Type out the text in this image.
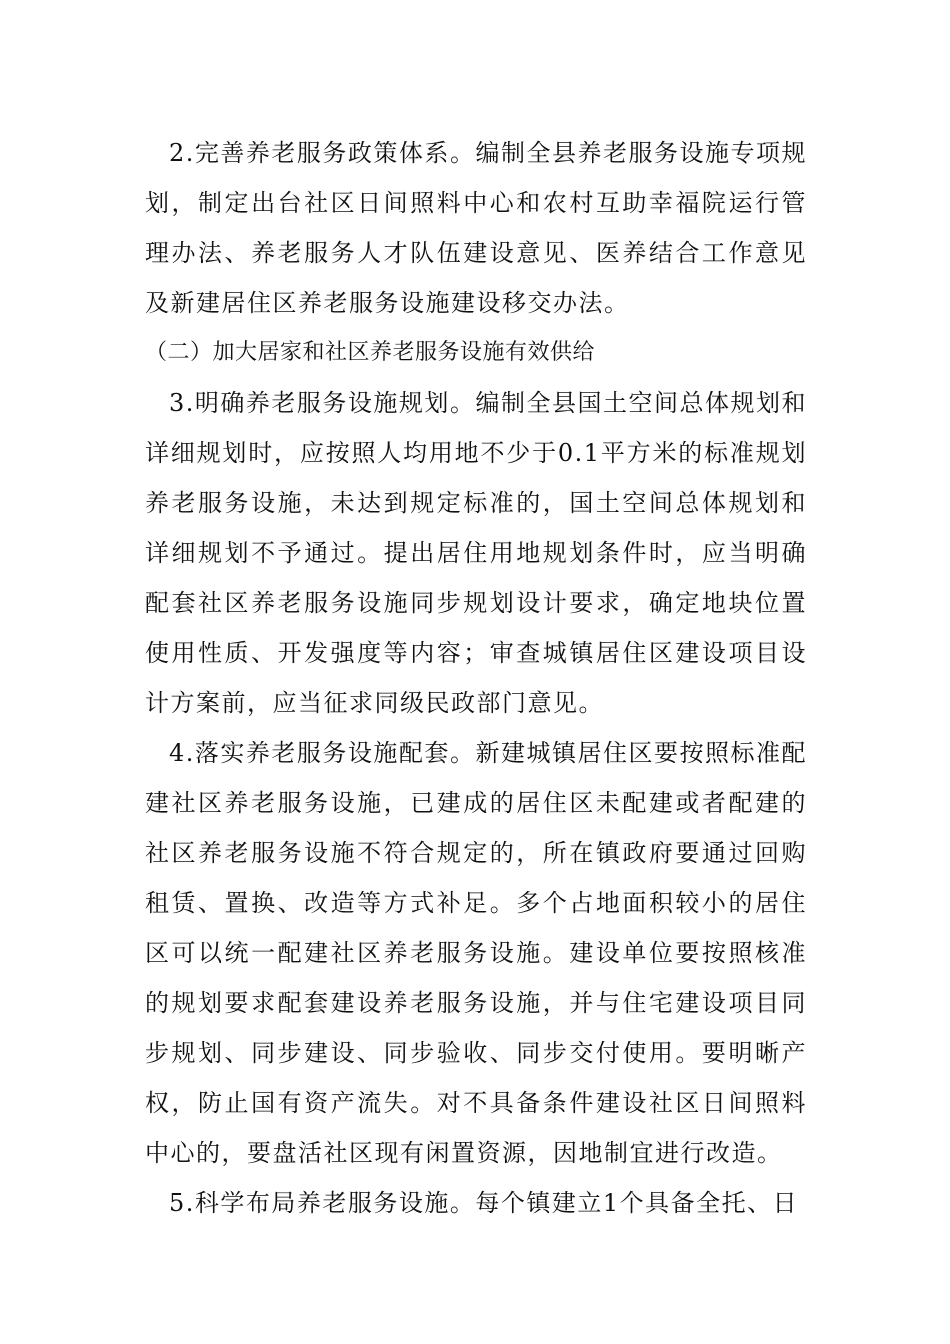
2.完善养老服务政策体系。编制全县养老服务设施专项规划，制定出台社区日间照料中心和农村互助幸福院运行管理办法、养老服务人才队伍建设意见、医养结合工作意见及新建居住区养老服务设施建设移交办法。

（二）加大居家和社区养老服务设施有效供给

3.明确养老服务设施规划。编制全县国土空间总体规划和详细规划时，应按照人均用地不少于0.1平方米的标准规划养老服务设施，未达到规定标准的，国土空间总体规划和详细规划不予通过。提出居住用地规划条件时，应当明确配套社区养老服务设施同步规划设计要求，确定地块位置使用性质、开发强度等内容；审查城镇居住区建设项目设计方案前，应当征求同级民政部门意见。

4.落实养老服务设施配套。新建城镇居住区要按照标准配建社区养老服务设施，已建成的居住区未配建或者配建的社区养老服务设施不符合规定的，所在镇政府要通过回购租赁、置换、改造等方式补足。多个占地面积较小的居住区可以统一配建社区养老服务设施。建设单位要按照核准的规划要求配套建设养老服务设施，并与住宅建设项目同步规划、同步建设、同步验收、同步交付使用。要明晰产权，防止国有资产流失。对不具备条件建设社区日间照料中心的，要盘活社区现有闲置资源，因地制宜进行改造。

5.科学布局养老服务设施。每个镇建立1个具备全托、日
